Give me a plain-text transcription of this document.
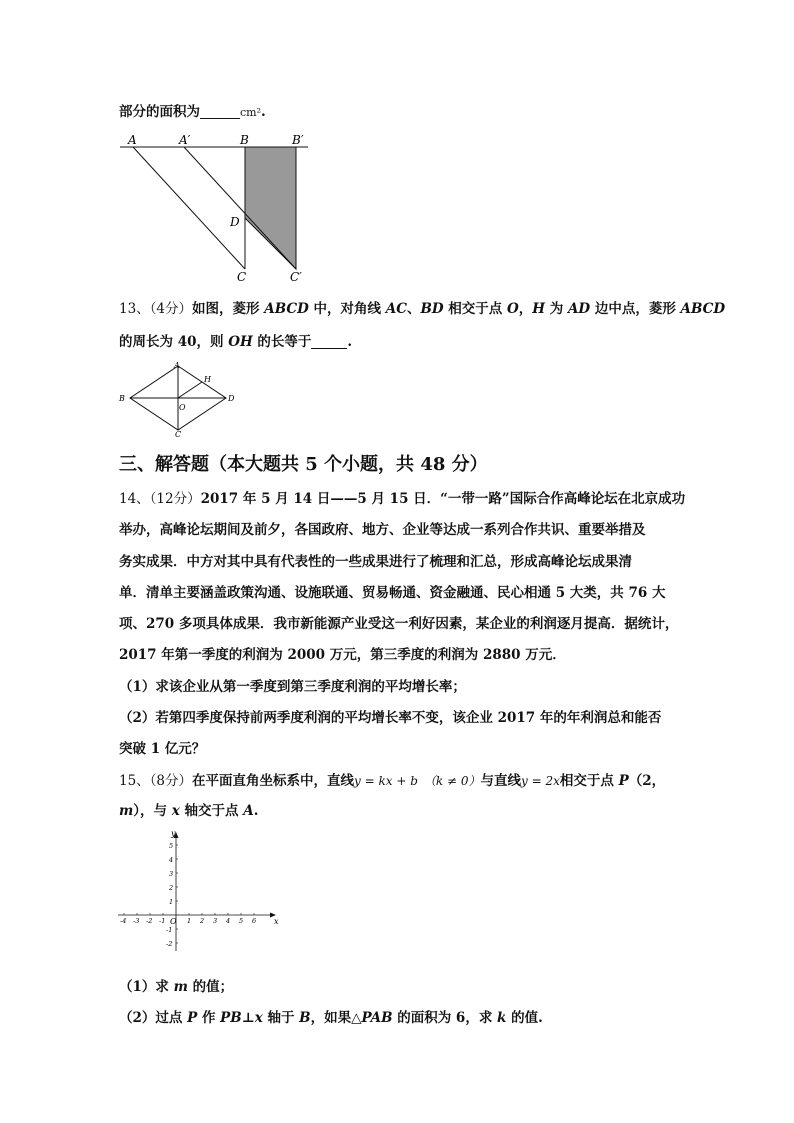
部分的面积为	cm².
A	A′	B	B′
D
C	C′
13、（4分）如图，菱形 ABCD 中，对角线 AC、BD 相交于点 O，H 为 AD 边中点，菱形 ABCD
的周长为 40，则 OH 的长等于	.
A
B
C
D
O
H
三、解答题（本大题共 5 个小题，共 48 分）
14、（12分）2017 年 5 月 14 日——5 月 15 日．“一带一路”国际合作高峰论坛在北京成功
举办，高峰论坛期间及前夕，各国政府、地方、企业等达成一系列合作共识、重要举措及
务实成果．中方对其中具有代表性的一些成果进行了梳理和汇总，形成高峰论坛成果清
单．清单主要涵盖政策沟通、设施联通、贸易畅通、资金融通、民心相通 5 大类，共 76 大
项、270 多项具体成果．我市新能源产业受这一利好因素，某企业的利润逐月提高．据统计，
2017 年第一季度的利润为 2000 万元，第三季度的利润为 2880 万元．
（1）求该企业从第一季度到第三季度利润的平均增长率；
（2）若第四季度保持前两季度利润的平均增长率不变，该企业 2017 年的年利润总和能否
突破 1 亿元？
15、（8分）在平面直角坐标系中，直线y = kx + b （k ≠ 0）与直线y = 2x相交于点 P（2，
m），与 x 轴交于点 A.
-4 -3 -2 -1	1 2 3 4 5 6
5
4
3
2
1
-1
-2
O	x
y
（1）求 m 的值；
（2）过点 P 作 PB⊥x 轴于 B，如果△PAB 的面积为 6，求 k 的值.
